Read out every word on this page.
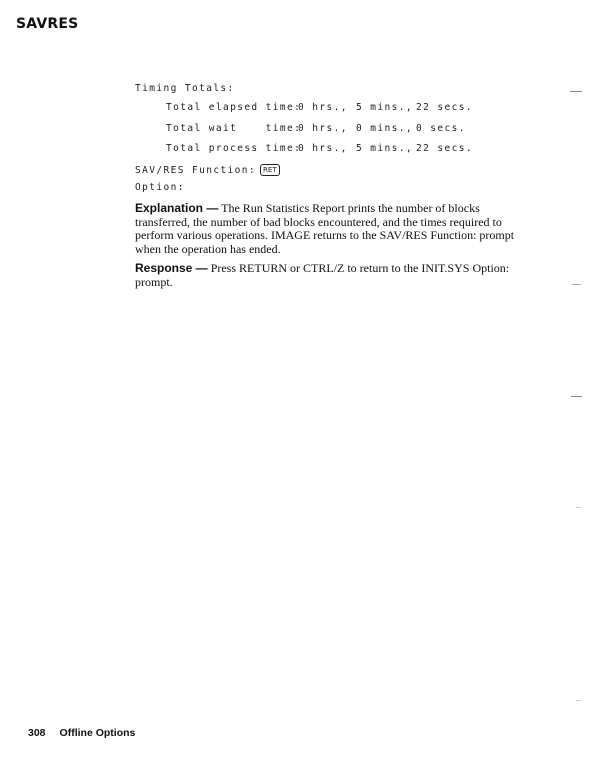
SAVRES
Timing Totals:

Total elapsed time:

0 hrs.,

5 mins.,

22 secs.

Total wait    time:

0 hrs.,

0 mins.,

0 secs.

Total process time:

0 hrs.,

5 mins.,

22 secs.

SAV/RES Function: RET
Option:
Explanation — The Run Statistics Report prints the number of blocks transferred, the number of bad blocks encountered, and the times required to perform various operations. IMAGE returns to the SAV/RES Function: prompt when the operation has ended.
Response — Press RETURN or CTRL/Z to return to the INIT.SYS Option: prompt.
308 Offline Options
